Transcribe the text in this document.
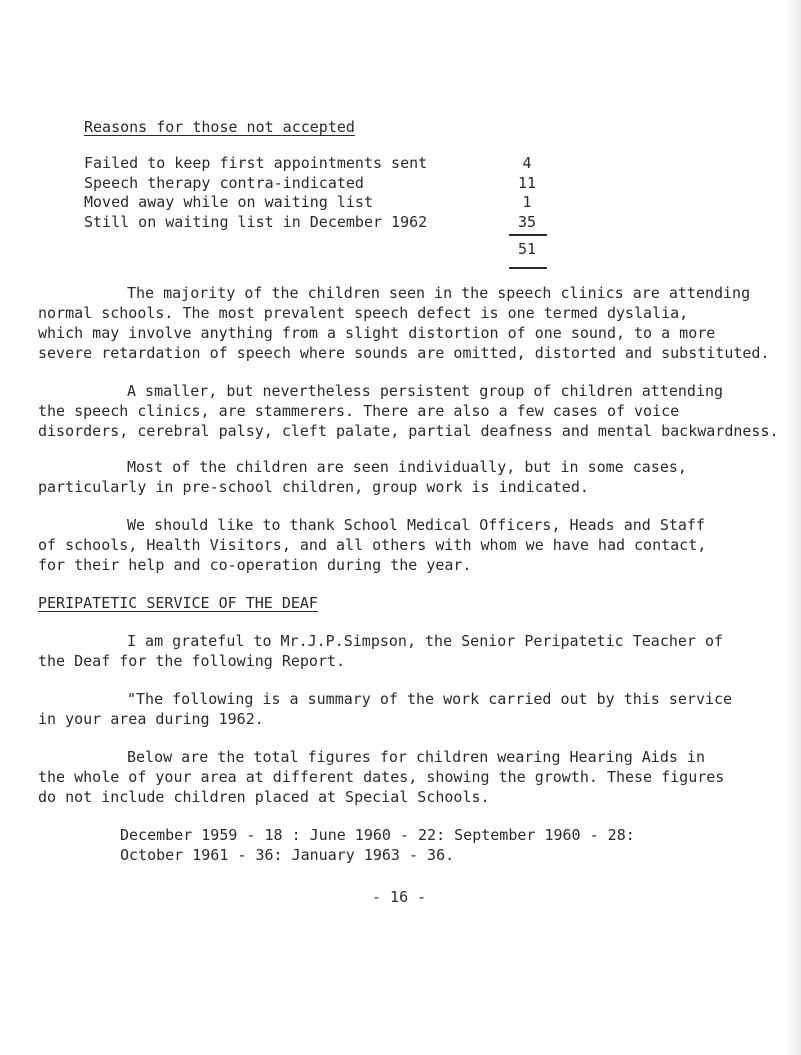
Reasons for those not accepted
Failed to keep first appointments sent	4
Speech therapy contra-indicated	11
Moved away while on waiting list	1
Still on waiting list in December 1962	35
51
The majority of the children seen in the speech clinics are attending
normal schools. The most prevalent speech defect is one termed dyslalia,
which may involve anything from a slight distortion of one sound, to a more
severe retardation of speech where sounds are omitted, distorted and substituted.
A smaller, but nevertheless persistent group of children attending
the speech clinics, are stammerers. There are also a few cases of voice
disorders, cerebral palsy, cleft palate, partial deafness and mental backwardness.
Most of the children are seen individually, but in some cases,
particularly in pre-school children, group work is indicated.
We should like to thank School Medical Officers, Heads and Staff
of schools, Health Visitors, and all others with whom we have had contact,
for their help and co-operation during the year.
PERIPATETIC SERVICE OF THE DEAF
I am grateful to Mr.J.P.Simpson, the Senior Peripatetic Teacher of
the Deaf for the following Report.
"The following is a summary of the work carried out by this service
in your area during 1962.
Below are the total figures for children wearing Hearing Aids in
the whole of your area at different dates, showing the growth. These figures
do not include children placed at Special Schools.
December 1959 - 18 : June 1960 - 22: September 1960 - 28:
October 1961 - 36: January 1963 - 36.
- 16 -
